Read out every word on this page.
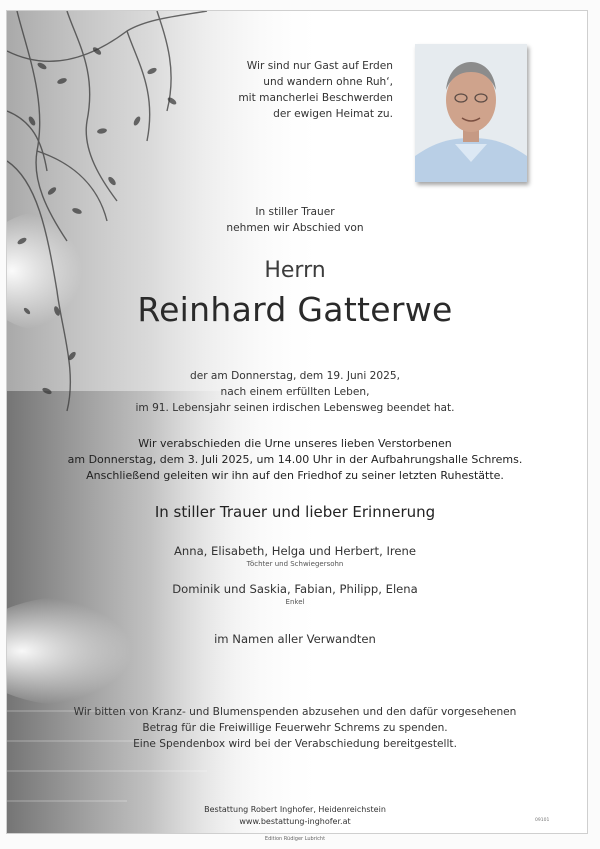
Wir sind nur Gast auf Erden
und wandern ohne Ruh‘,
mit mancherlei Beschwerden
der ewigen Heimat zu.
In stiller Trauer
nehmen wir Abschied von
Herrn
Reinhard Gatterwe
der am Donnerstag, dem 19. Juni 2025,
nach einem erfüllten Leben,
im 91. Lebensjahr seinen irdischen Lebensweg beendet hat.
Wir verabschieden die Urne unseres lieben Verstorbenen
am Donnerstag, dem 3. Juli 2025, um 14.00 Uhr in der Aufbahrungshalle Schrems.
Anschließend geleiten wir ihn auf den Friedhof zu seiner letzten Ruhestätte.
In stiller Trauer und lieber Erinnerung
Anna, Elisabeth, Helga und Herbert, Irene
Töchter und Schwiegersohn
Dominik und Saskia, Fabian, Philipp, Elena
Enkel
im Namen aller Verwandten
Wir bitten von Kranz- und Blumenspenden abzusehen und den dafür vorgesehenen
Betrag für die Freiwillige Feuerwehr Schrems zu spenden.
Eine Spendenbox wird bei der Verabschiedung bereitgestellt.
Bestattung Robert Inghofer, Heidenreichstein
www.bestattung-inghofer.at
Edition Rüdiger Lubricht
09101
